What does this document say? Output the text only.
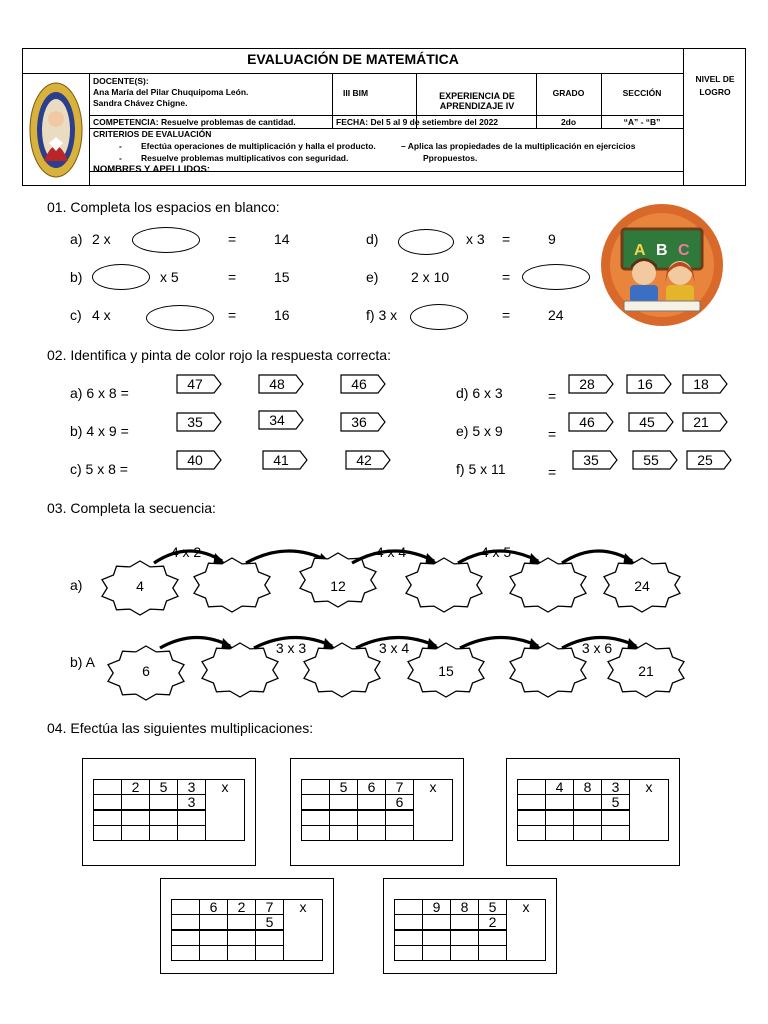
EVALUACIÓN DE MATEMÁTICA
DOCENTE(S):
Ana María del Pilar Chuquipoma León.
Sandra Chávez Chigne.
III BIM	EXPERIENCIA DE APRENDIZAJE IV
GRADO	SECCIÓN
NIVEL DE LOGRO
COMPETENCIA: Resuelve problemas de cantidad.	FECHA: Del 5 al 9 de setiembre del 2022	2do	“A” - “B”
CRITERIOS DE EVALUACIÓN
- Efectúa operaciones de multiplicación y halla el producto.
- Resuelve problemas multiplicativos con seguridad.
– Aplica las propiedades de la multiplicación en ejercicios
Ppropuestos.
NOMBRES Y APELLIDOS:
01. Completa los espacios en blanco:
a) 2 x	=	14
b)	x 5	=	15
c) 4 x	=	16
d)	x 3 =	9
e) 2 x 10	=
f) 3 x	=	24
A B C
02. Identifica y pinta de color rojo la respuesta correcta:
a) 6 x 8 =
47	48	46
b) 4 x 9 =
35	34	36
c) 5 x 8 =
40	41	42
d) 6 x 3	=
28	16	18
e) 5 x 9	=
46	45	21
f) 5 x 11	=
35	55	25
03. Completa la secuencia:
a)
b) A
4	12	24
4 x 2	4 x 4	4 x 5
6	15	21
3 x 3	3 x 4	3 x 6
04. Efectúa las siguientes multiplicaciones:
	2	5	3	x
			3	

	5	6	7	x
			6	

	4	8	3	x
			5	

	6	2	7	x
			5	

	9	8	5	x
			2	
